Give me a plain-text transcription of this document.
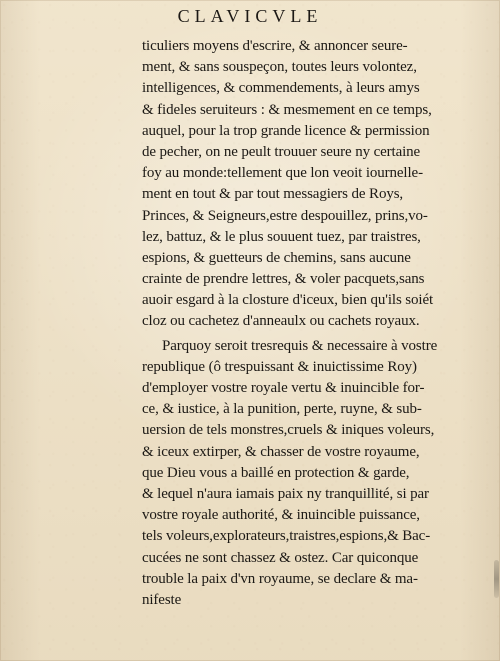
CLAVICVLE
ticuliers moyens d'escrire, & annoncer seure-
ment, & sans souspeçon, toutes leurs volontez,
intelligences, & commendements, à leurs amys
& fideles seruiteurs : & mesmement en ce temps,
auquel, pour la trop grande licence & permission
de pecher, on ne peult trouuer seure ny certaine
foy au monde:tellement que lon veoit iournelle-
ment en tout & par tout messagiers de Roys,
Princes, & Seigneurs,estre despouillez, prins,vo-
lez, battuz, & le plus souuent tuez, par traistres,
espions, & guetteurs de chemins, sans aucune
crainte de prendre lettres, & voler pacquets,sans
auoir esgard à la closture d'iceux, bien qu'ils soiét
cloz ou cachetez d'anneaulx ou cachets royaux.
Parquoy seroit tresrequis & necessaire à vostre
republique (ô trespuissant & inuictissime Roy)
d'employer vostre royale vertu & inuincible for-
ce, & iustice, à la punition, perte, ruyne, & sub-
uersion de tels monstres,cruels & iniques voleurs,
& iceux extirper, & chasser de vostre royaume,
que Dieu vous a baillé en protection & garde,
& lequel n'aura iamais paix ny tranquillité, si par
vostre royale authorité, & inuincible puissance,
tels voleurs,explorateurs,traistres,espions,& Bac-
cucées ne sont chassez & ostez. Car quiconque
trouble la paix d'vn royaume, se declare & ma-
nifeste
